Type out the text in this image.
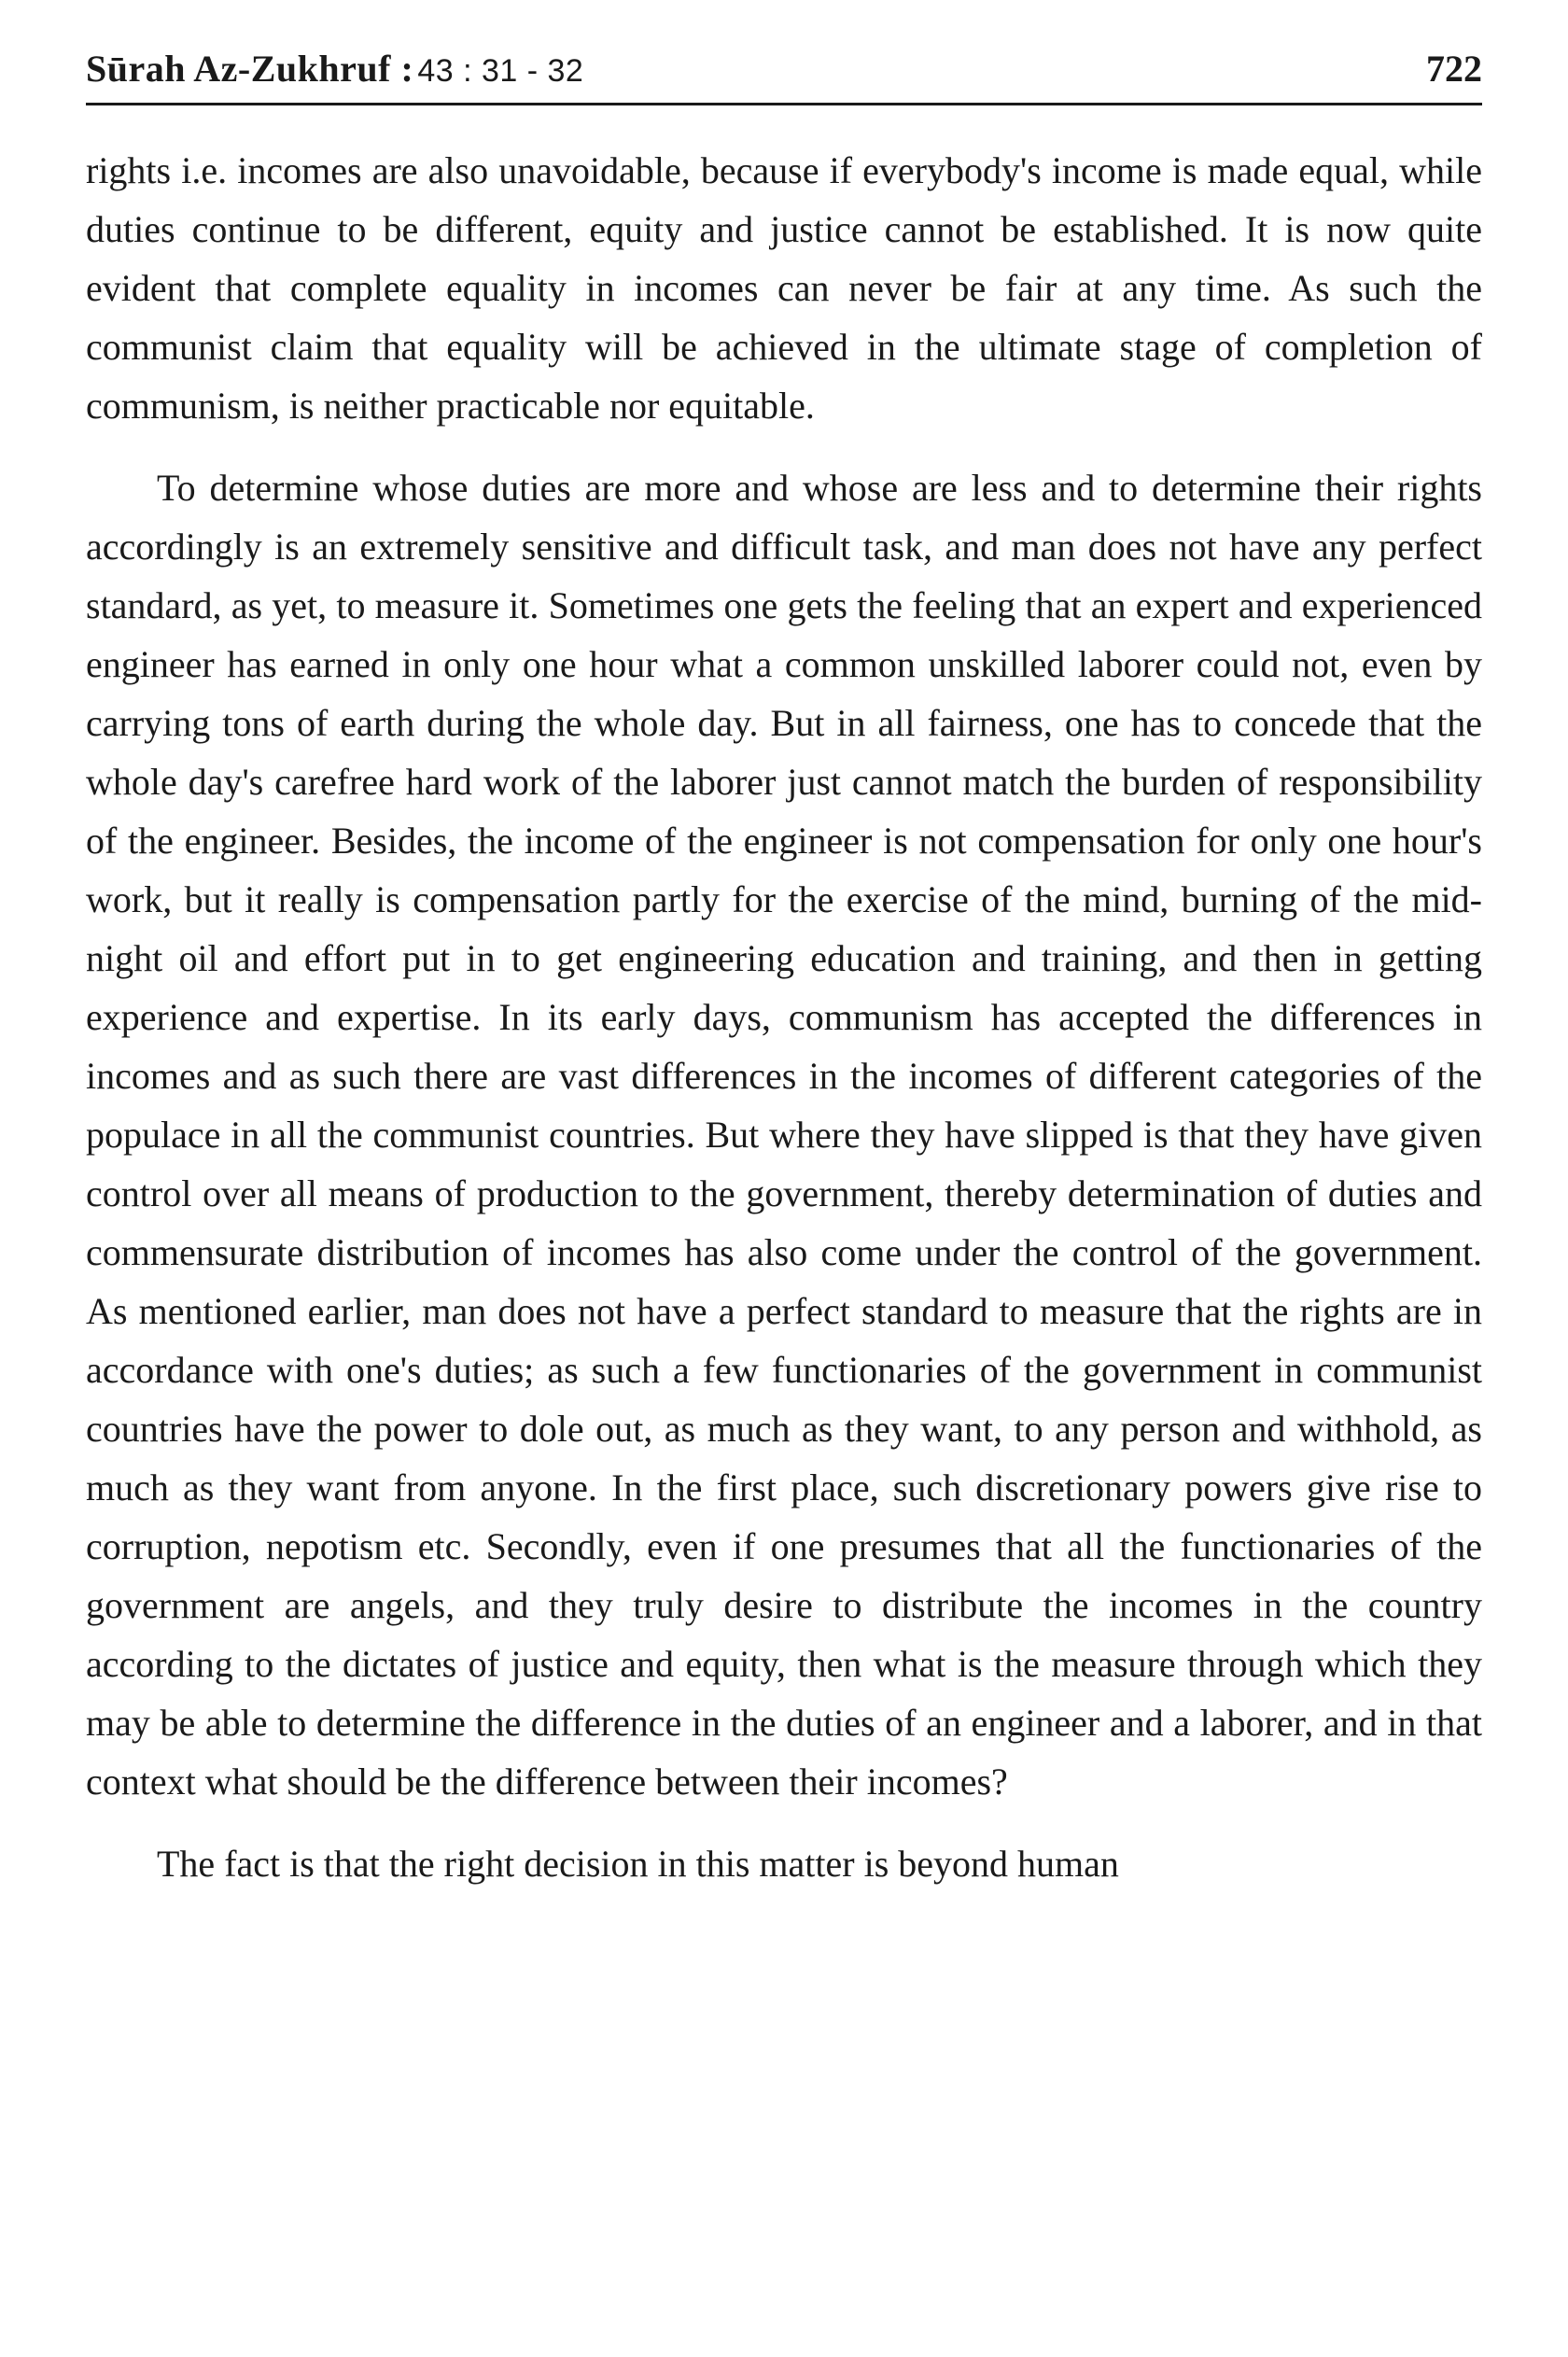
Sūrah Az-Zukhruf : 43 : 31 - 32	722

rights i.e. incomes are also unavoidable, because if everybody's income is made equal, while duties continue to be different, equity and justice cannot be established. It is now quite evident that complete equality in incomes can never be fair at any time. As such the communist claim that equality will be achieved in the ultimate stage of completion of communism, is neither practicable nor equitable.

To determine whose duties are more and whose are less and to determine their rights accordingly is an extremely sensitive and difficult task, and man does not have any perfect standard, as yet, to measure it. Sometimes one gets the feeling that an expert and experienced engineer has earned in only one hour what a common unskilled laborer could not, even by carrying tons of earth during the whole day. But in all fairness, one has to concede that the whole day's carefree hard work of the laborer just cannot match the burden of responsibility of the engineer. Besides, the income of the engineer is not compensation for only one hour's work, but it really is compensation partly for the exercise of the mind, burning of the mid-night oil and effort put in to get engineering education and training, and then in getting experience and expertise. In its early days, communism has accepted the differences in incomes and as such there are vast differences in the incomes of different categories of the populace in all the communist countries. But where they have slipped is that they have given control over all means of production to the government, thereby determination of duties and commensurate distribution of incomes has also come under the control of the government. As mentioned earlier, man does not have a perfect standard to measure that the rights are in accordance with one's duties; as such a few functionaries of the government in communist countries have the power to dole out, as much as they want, to any person and withhold, as much as they want from anyone. In the first place, such discretionary powers give rise to corruption, nepotism etc. Secondly, even if one presumes that all the functionaries of the government are angels, and they truly desire to distribute the incomes in the country according to the dictates of justice and equity, then what is the measure through which they may be able to determine the difference in the duties of an engineer and a laborer, and in that context what should be the difference between their incomes?

The fact is that the right decision in this matter is beyond human
